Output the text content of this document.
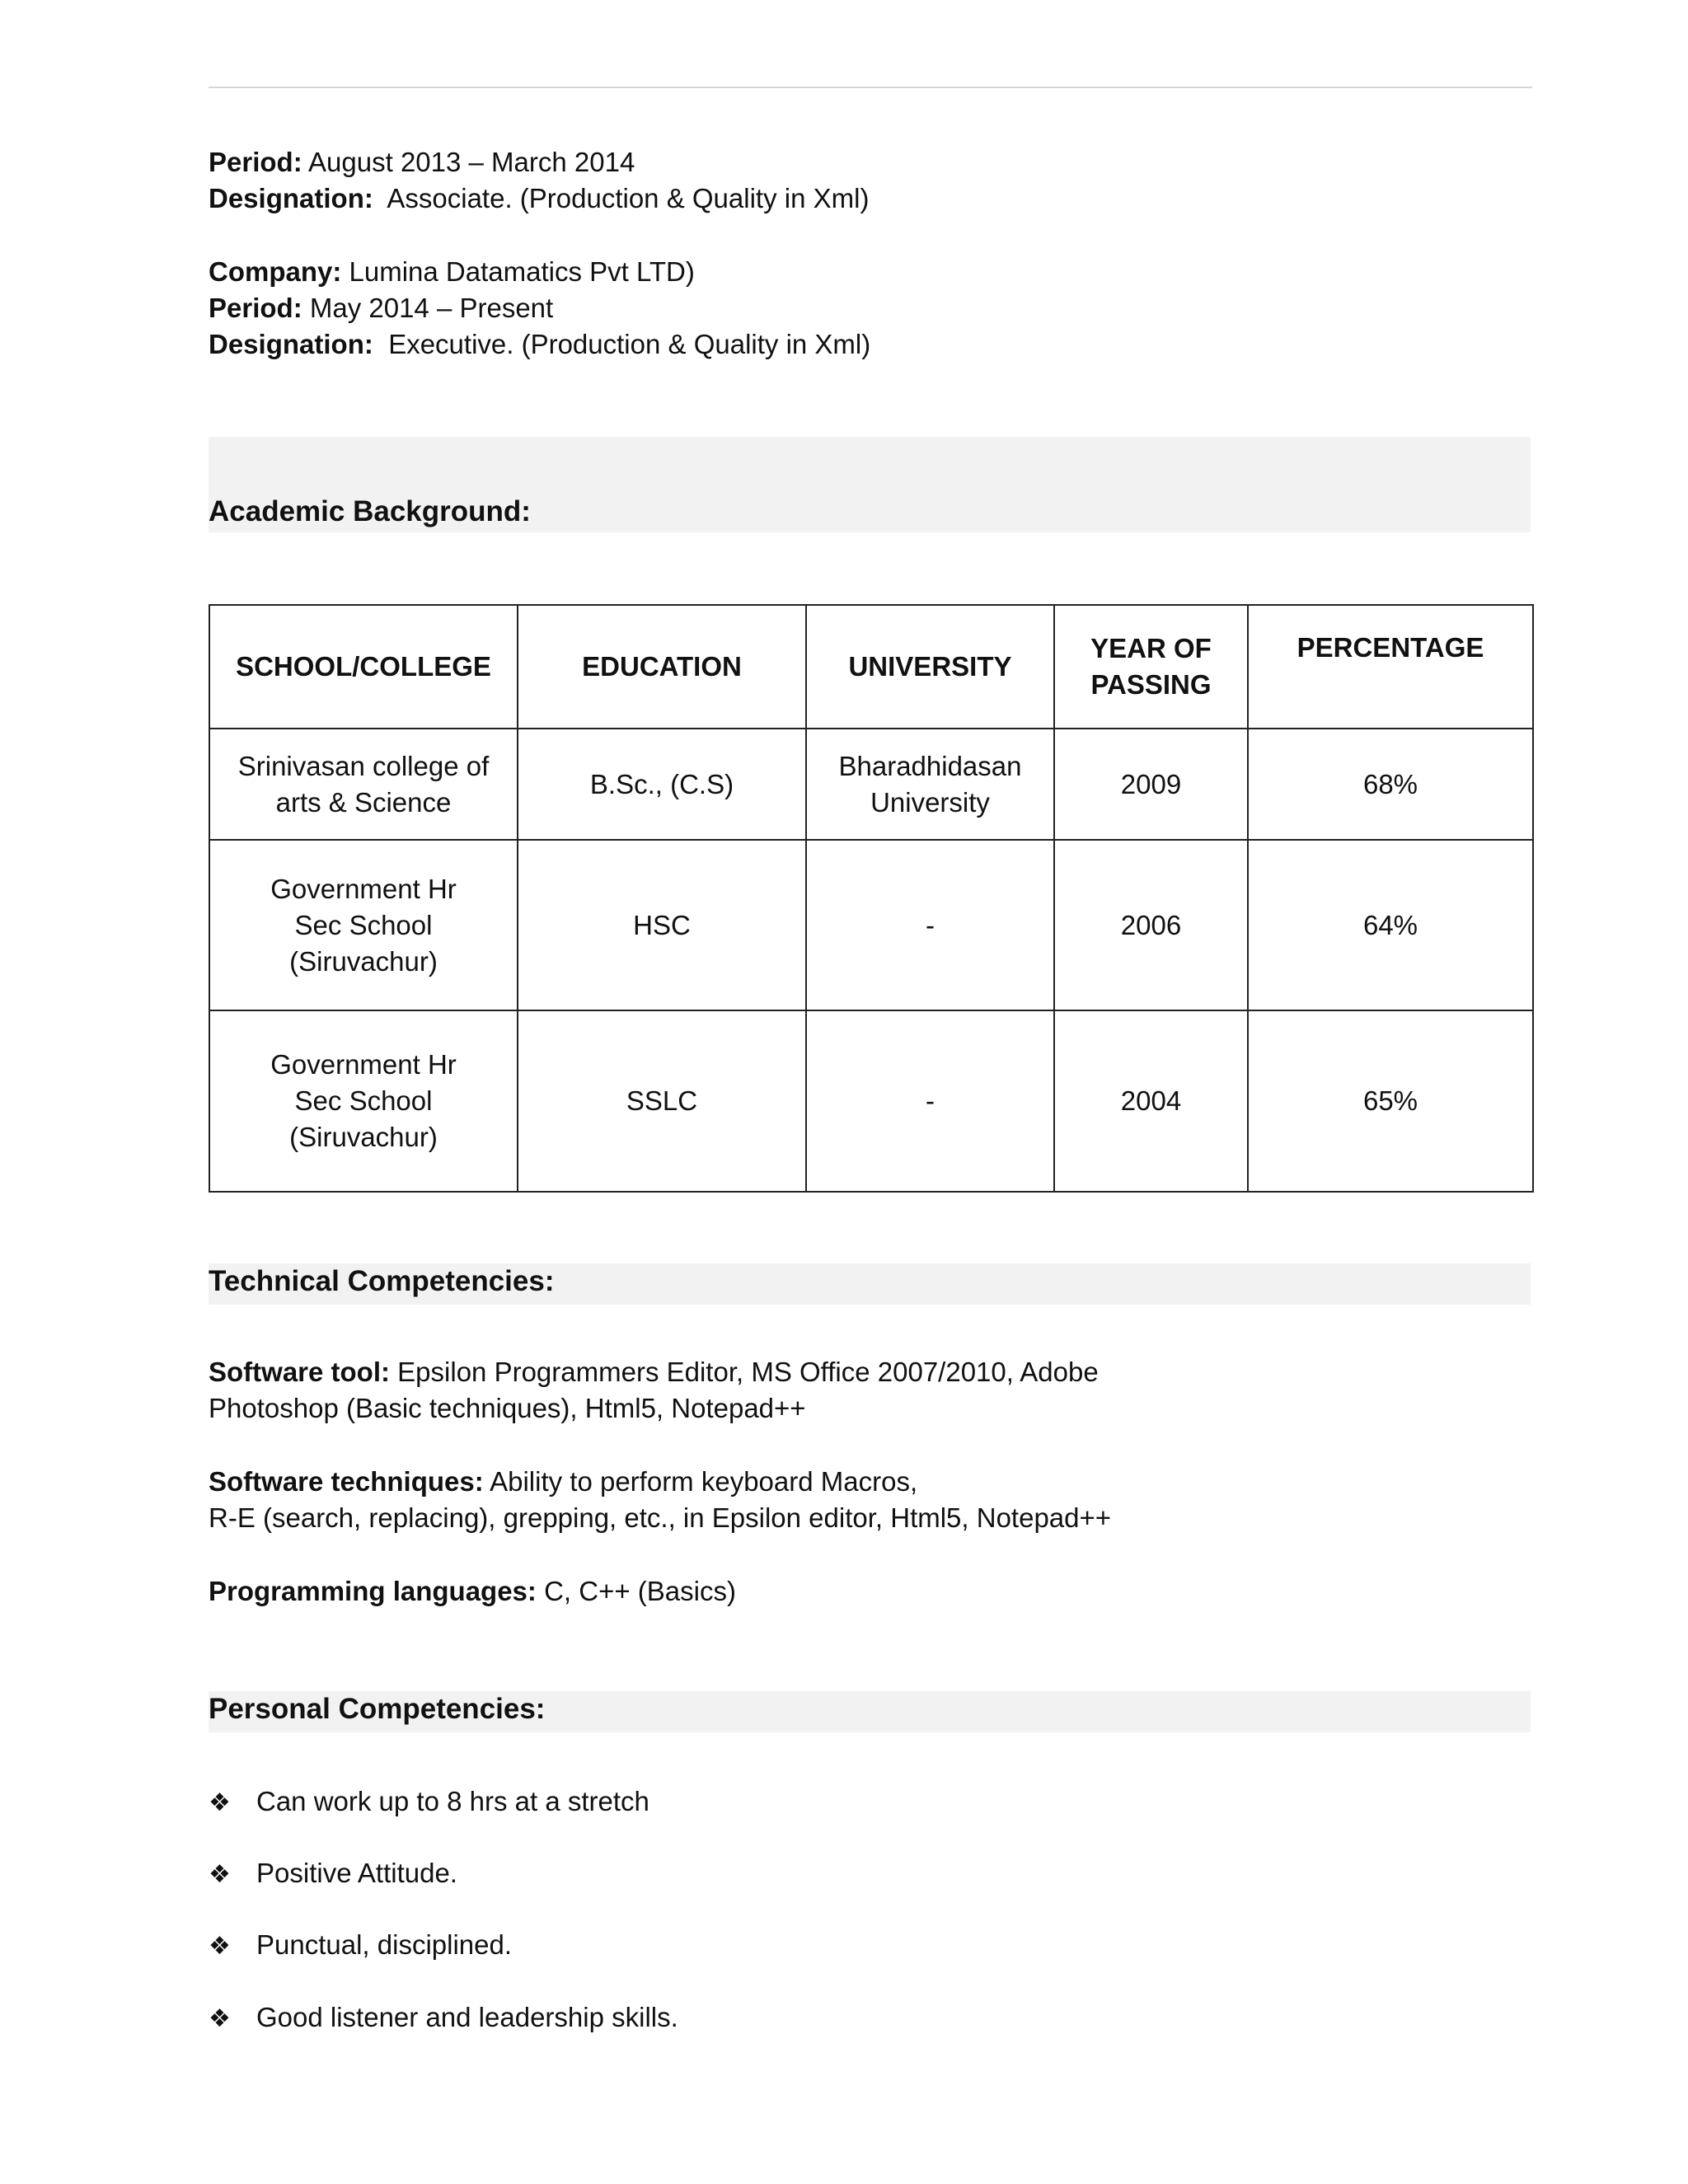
Period: August 2013 – March 2014
Designation: Associate. (Production & Quality in Xml)
Company: Lumina Datamatics Pvt LTD)
Period: May 2014 – Present
Designation: Executive. (Production & Quality in Xml)
Academic Background:
SCHOOL/COLLEGE	EDUCATION	UNIVERSITY	YEAR OF PASSING	PERCENTAGE
Srinivasan college of arts & Science	B.Sc., (C.S)	Bharadhidasan University	2009	68%
Government Hr Sec School (Siruvachur)	HSC	-	2006	64%
Government Hr Sec School (Siruvachur)	SSLC	-	2004	65%
Technical Competencies:
Software tool: Epsilon Programmers Editor, MS Office 2007/2010, Adobe
Photoshop (Basic techniques), Html5, Notepad++
Software techniques: Ability to perform keyboard Macros,
R-E (search, replacing), grepping, etc., in Epsilon editor, Html5, Notepad++
Programming languages: C, C++ (Basics)
Personal Competencies:
❖ Can work up to 8 hrs at a stretch
❖ Positive Attitude.
❖ Punctual, disciplined.
❖ Good listener and leadership skills.
